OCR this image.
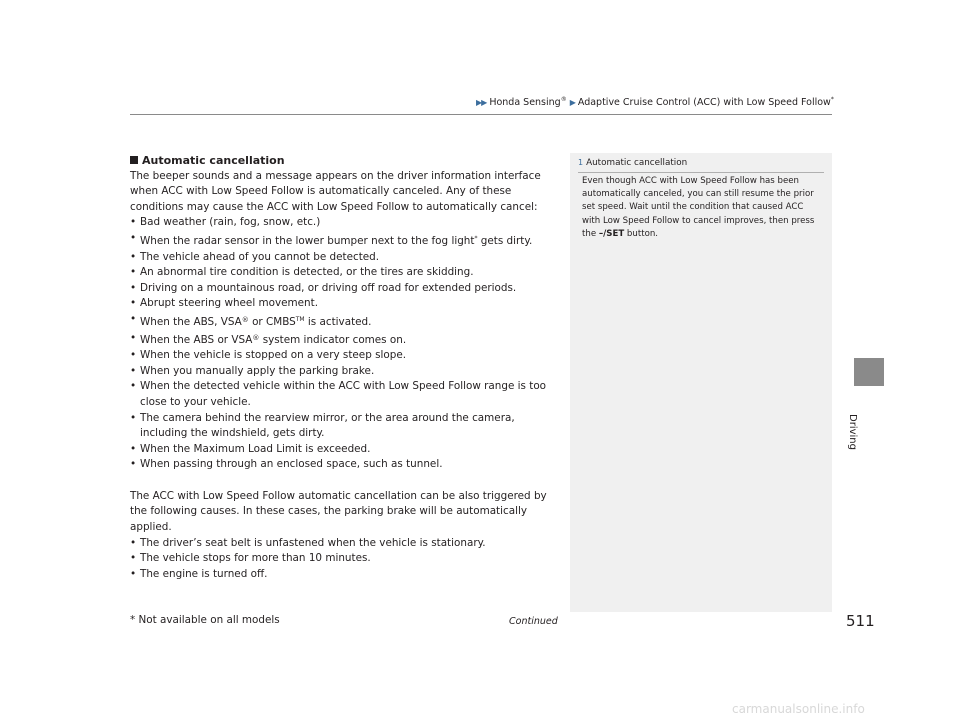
▶▶ Honda Sensing® ▶ Adaptive Cruise Control (ACC) with Low Speed Follow*
Automatic cancellation

The beeper sounds and a message appears on the driver information interface when ACC with Low Speed Follow is automatically canceled. Any of these conditions may cause the ACC with Low Speed Follow to automatically cancel:

• Bad weather (rain, fog, snow, etc.)
• When the radar sensor in the lower bumper next to the fog light* gets dirty.
• The vehicle ahead of you cannot be detected.
• An abnormal tire condition is detected, or the tires are skidding.
• Driving on a mountainous road, or driving off road for extended periods.
• Abrupt steering wheel movement.
• When the ABS, VSA® or CMBS™ is activated.
• When the ABS or VSA® system indicator comes on.
• When the vehicle is stopped on a very steep slope.
• When you manually apply the parking brake.
• When the detected vehicle within the ACC with Low Speed Follow range is too close to your vehicle.
• The camera behind the rearview mirror, or the area around the camera, including the windshield, gets dirty.
• When the Maximum Load Limit is exceeded.
• When passing through an enclosed space, such as tunnel.

The ACC with Low Speed Follow automatic cancellation can be also triggered by the following causes. In these cases, the parking brake will be automatically applied.

• The driver’s seat belt is unfastened when the vehicle is stationary.
• The vehicle stops for more than 10 minutes.
• The engine is turned off.
1 Automatic cancellation
Even though ACC with Low Speed Follow has been automatically canceled, you can still resume the prior set speed. Wait until the condition that caused ACC with Low Speed Follow to cancel improves, then press the –/SET button.
Driving
* Not available on all models	Continued	511
carmanualsonline.info
